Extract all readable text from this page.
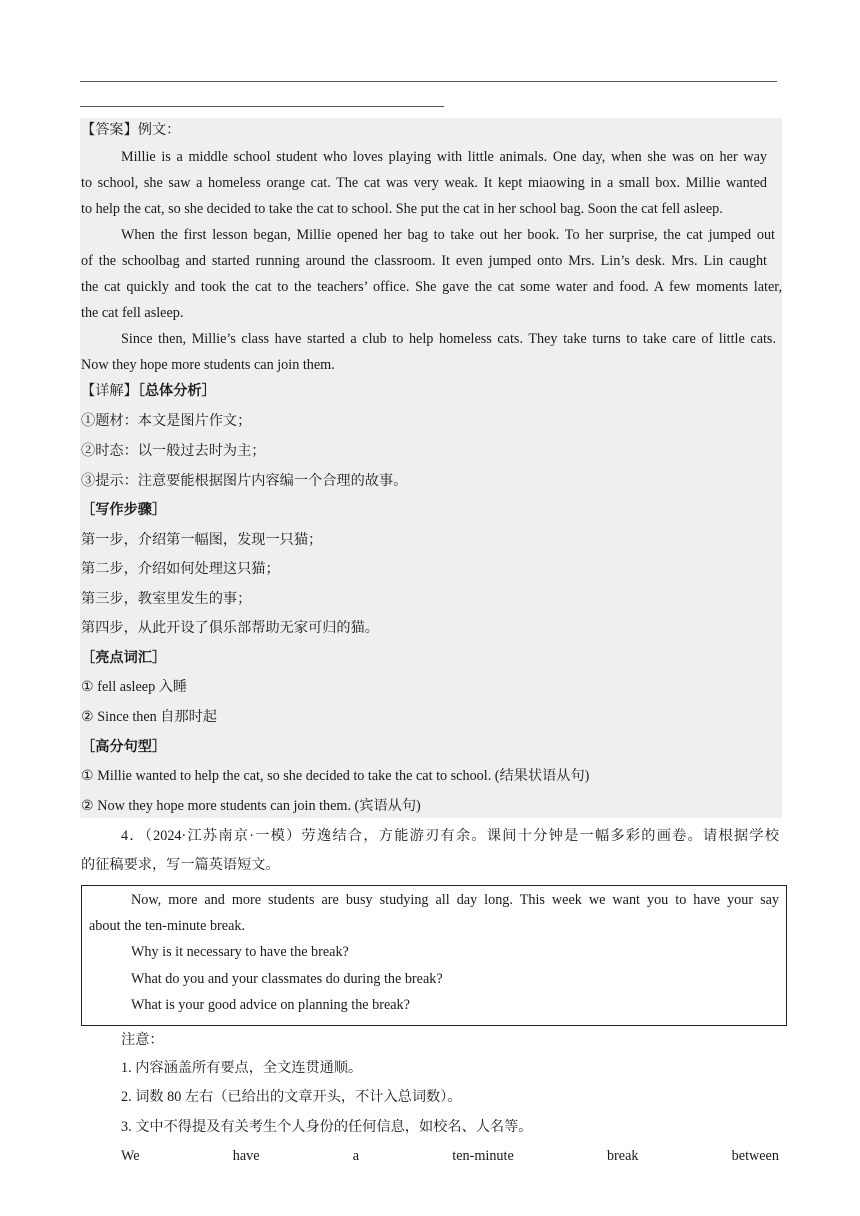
【答案】例文：
Millie is a middle school student who loves playing with little animals. One day, when she was on her way
to school, she saw a homeless orange cat. The cat was very weak. It kept miaowing in a small box. Millie wanted
to help the cat, so she decided to take the cat to school. She put the cat in her school bag. Soon the cat fell asleep.
When the first lesson began, Millie opened her bag to take out her book. To her surprise, the cat jumped out
of the schoolbag and started running around the classroom. It even jumped onto Mrs. Lin’s desk. Mrs. Lin caught
the cat quickly and took the cat to the teachers’ office. She gave the cat some water and food. A few moments later,
the cat fell asleep.
Since then, Millie’s class have started a club to help homeless cats. They take turns to take care of little cats.
Now they hope more students can join them.
【详解】［总体分析］
①题材：本文是图片作文；
②时态：以一般过去时为主；
③提示：注意要能根据图片内容编一个合理的故事。
［写作步骤］
第一步，介绍第一幅图，发现一只猫；
第二步，介绍如何处理这只猫；
第三步，教室里发生的事；
第四步，从此开设了俱乐部帮助无家可归的猫。
［亮点词汇］
① fell asleep 入睡
② Since then 自那时起
［高分句型］
① Millie wanted to help the cat, so she decided to take the cat to school. (结果状语从句)
② Now they hope more students can join them. (宾语从句)
4．（2024·江苏南京·一模）劳逸结合，方能游刃有余。课间十分钟是一幅多彩的画卷。请根据学校
的征稿要求，写一篇英语短文。
Now, more and more students are busy studying all day long. This week we want you to have your say
about the ten-minute break.
Why is it necessary to have the break?
What do you and your classmates do during the break?
What is your good advice on planning the break?
注意：
1. 内容涵盖所有要点，全文连贯通顺。
2. 词数 80 左右（已给出的文章开头，不计入总词数）。
3. 文中不得提及有关考生个人身份的任何信息，如校名、人名等。
We	have	a	ten-minute	break	between
